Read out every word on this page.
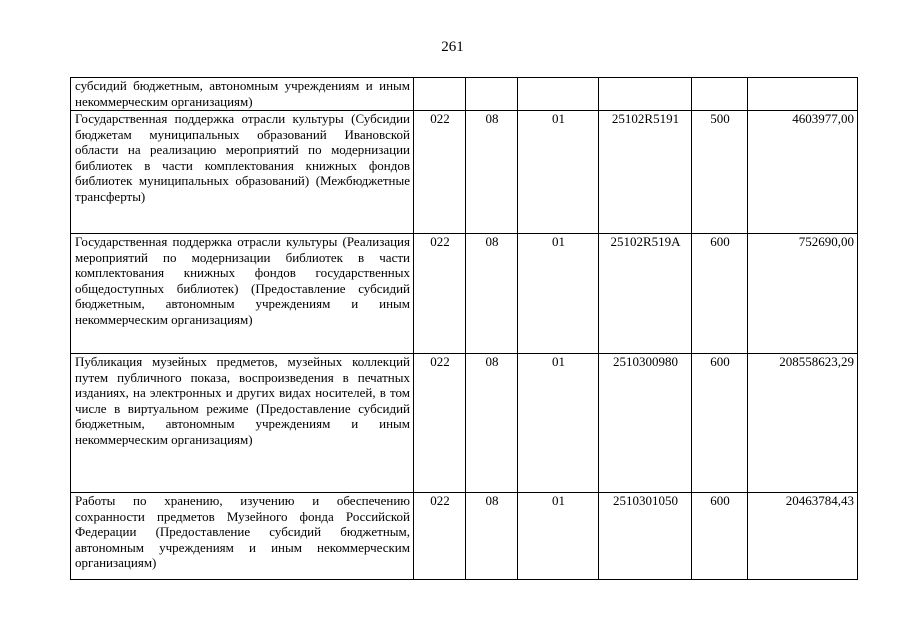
261
субсидий бюджетным, автономным учреждениям и иным некоммерческим организациям)						

Государственная поддержка отрасли культуры (Субсидии бюджетам муниципальных образований Ивановской области на реализацию мероприятий по модернизации библиотек в части комплектования книжных фондов библиотек муниципальных образований) (Межбюджетные трансферты)	022	08	01	25102R5191	500	4603977,00

Государственная поддержка отрасли культуры (Реализация мероприятий по модернизации библиотек в части комплектования книжных фондов государственных общедоступных библиотек) (Предоставление субсидий бюджетным, автономным учреждениям и иным некоммерческим организациям)	022	08	01	25102R519A	600	752690,00

Публикация музейных предметов, музейных коллекций путем публичного показа, воспроизведения в печатных изданиях, на электронных и других видах носителей, в том числе в виртуальном режиме (Предоставление субсидий бюджетным, автономным учреждениям и иным некоммерческим организациям)	022	08	01	2510300980	600	208558623,29

Работы по хранению, изучению и обеспечению сохранности предметов Музейного фонда Российской Федерации (Предоставление субсидий бюджетным, автономным учреждениям и иным некоммерческим организациям)	022	08	01	2510301050	600	20463784,43
